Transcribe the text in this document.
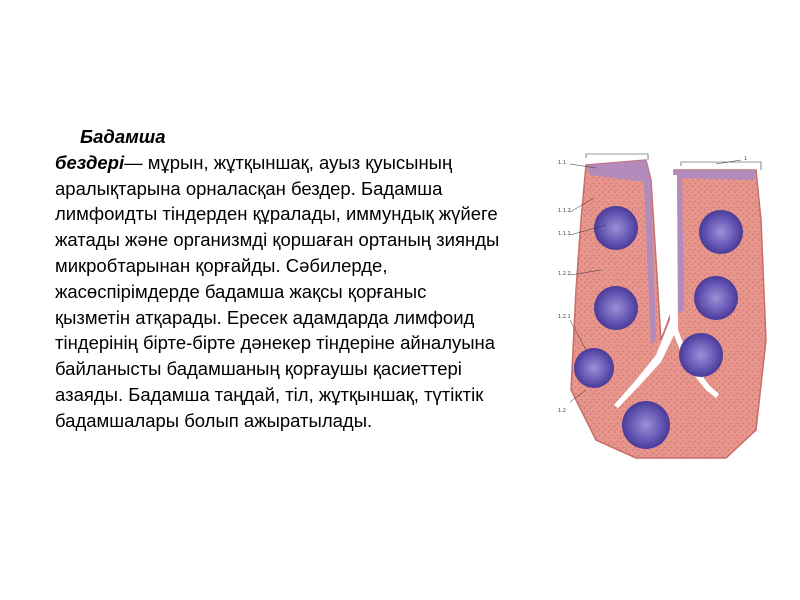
Бадамша
бездері— мұрын, жұтқыншақ, ауыз қуысының
аралықтарына орналасқан бездер. Бадамша
лимфоидты тіндерден құралады, иммундық жүйеге
жатады және организмді қоршаған ортаның зиянды
микробтарынан қорғайды. Сәбилерде,
жасөспірімдерде бадамша жақсы қорғаныс
қызметін атқарады. Ересек адамдарда лимфоид
тіндерінің бірте-бірте дәнекер тіндеріне айналуына
байланысты бадамшаның қорғаушы қасиеттері
азаяды. Бадамша таңдай, тіл, жұтқыншақ, түтіктік
бадамшалары болып ажыратылады.
1.1
1.1.2
1.1.1
1.2.2
1.2.1
1.2
1
